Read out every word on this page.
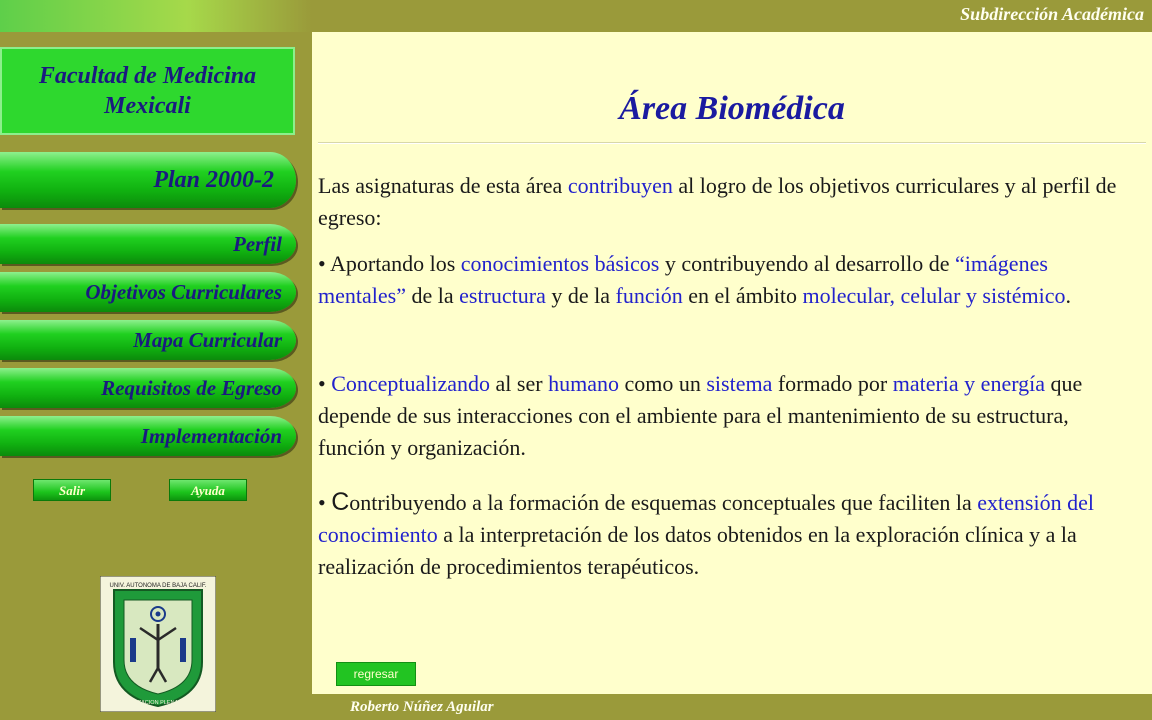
Subdirección Académica
Facultad de Medicina
Mexicali
Plan 2000-2
Perfil
Objetivos Curriculares
Mapa Curricular
Requisitos de Egreso
Implementación
Salir	Ayuda
UNIV. AUTONOMA DE BAJA CALIF.
POR LA REALIZACION PLENA DEL HOMBRE
Área Biomédica
Las asignaturas de esta área contribuyen al logro de los objetivos curriculares y al perfil de egreso:
• Aportando los conocimientos básicos y contribuyendo al desarrollo de “imágenes mentales” de la estructura y de la función en el ámbito molecular, celular y sistémico.
• Conceptualizando al ser humano como un sistema formado por materia y energía que depende de sus interacciones con el ambiente para el mantenimiento de su estructura, función y organización.
• Contribuyendo a la formación de esquemas conceptuales que faciliten la extensión del conocimiento a la interpretación de los datos obtenidos en la exploración clínica y a la realización de procedimientos terapéuticos.
regresar
Roberto Núñez Aguilar
